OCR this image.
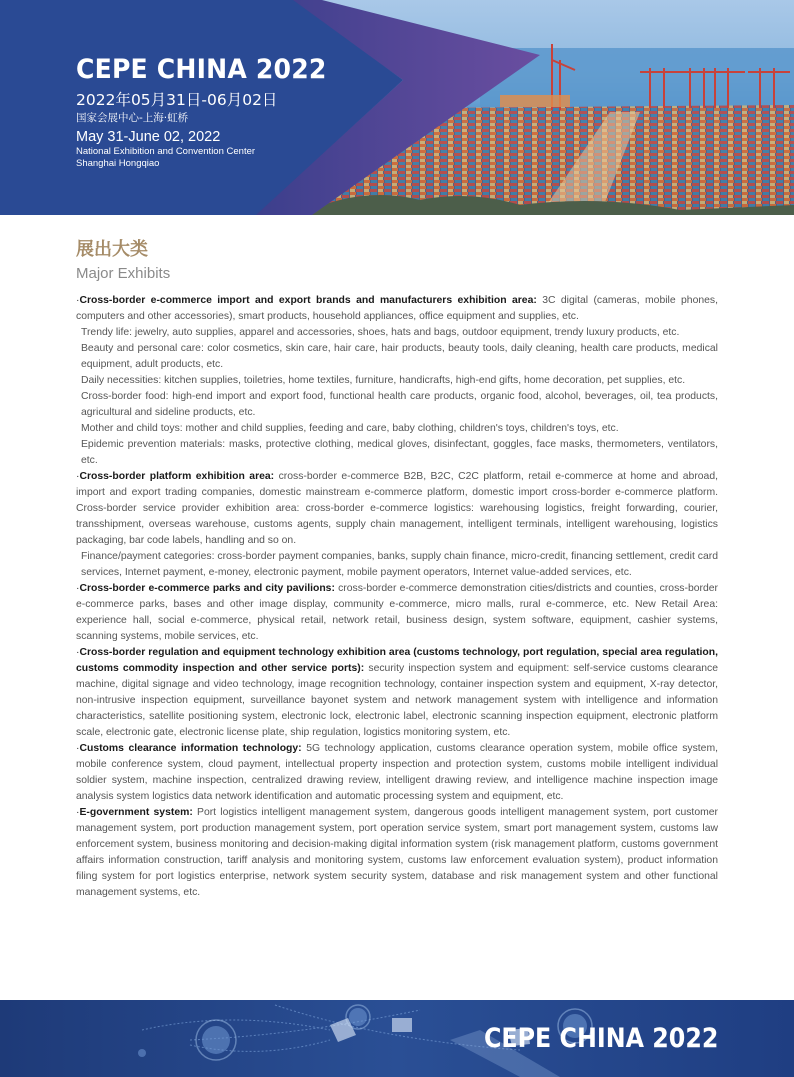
CEPE CHINA 2022
2022年05月31日-06月02日
国家会展中心-上海·虹桥
May 31-June 02, 2022
National Exhibition and Convention Center
Shanghai Hongqiao
展出大类
Major Exhibits
·Cross-border e-commerce import and export brands and manufacturers exhibition area: 3C digital (cameras, mobile phones, computers and other accessories), smart products, household appliances, office equipment and supplies, etc.
Trendy life: jewelry, auto supplies, apparel and accessories, shoes, hats and bags, outdoor equipment, trendy luxury products, etc.
Beauty and personal care: color cosmetics, skin care, hair care, hair products, beauty tools, daily cleaning, health care products, medical equipment, adult products, etc.
Daily necessities: kitchen supplies, toiletries, home textiles, furniture, handicrafts, high-end gifts, home decoration, pet supplies, etc.
Cross-border food: high-end import and export food, functional health care products, organic food, alcohol, beverages, oil, tea products, agricultural and sideline products, etc.
Mother and child toys: mother and child supplies, feeding and care, baby clothing, children's toys, children's toys, etc.
Epidemic prevention materials: masks, protective clothing, medical gloves, disinfectant, goggles, face masks, thermometers, ventilators, etc.
·Cross-border platform exhibition area: cross-border e-commerce B2B, B2C, C2C platform, retail e-commerce at home and abroad, import and export trading companies, domestic mainstream e-commerce platform, domestic import cross-border e-commerce platform. Cross-border service provider exhibition area: cross-border e-commerce logistics: warehousing logistics, freight forwarding, courier, transshipment, overseas warehouse, customs agents, supply chain management, intelligent terminals, intelligent warehousing, logistics packaging, bar code labels, handling and so on.
Finance/payment categories: cross-border payment companies, banks, supply chain finance, micro-credit, financing settlement, credit card services, Internet payment, e-money, electronic payment, mobile payment operators, Internet value-added services, etc.
·Cross-border e-commerce parks and city pavilions: cross-border e-commerce demonstration cities/districts and counties, cross-border e-commerce parks, bases and other image display, community e-commerce, micro malls, rural e-commerce, etc. New Retail Area: experience hall, social e-commerce, physical retail, network retail, business design, system software, equipment, cashier systems, scanning systems, mobile services, etc.
·Cross-border regulation and equipment technology exhibition area (customs technology, port regulation, special area regulation, customs commodity inspection and other service ports): security inspection system and equipment: self-service customs clearance machine, digital signage and video technology, image recognition technology, container inspection system and equipment, X-ray detector, non-intrusive inspection equipment, surveillance bayonet system and network management system with intelligence and information characteristics, satellite positioning system, electronic lock, electronic label, electronic scanning inspection equipment, electronic platform scale, electronic gate, electronic license plate, ship regulation, logistics monitoring system, etc.
·Customs clearance information technology: 5G technology application, customs clearance operation system, mobile office system, mobile conference system, cloud payment, intellectual property inspection and protection system, customs mobile intelligent individual soldier system, machine inspection, centralized drawing review, intelligent drawing review, and intelligence machine inspection image analysis system logistics data network identification and automatic processing system and equipment, etc.
·E-government system: Port logistics intelligent management system, dangerous goods intelligent management system, port customer management system, port production management system, port operation service system, smart port management system, customs law enforcement system, business monitoring and decision-making digital information system (risk management platform, customs government affairs information construction, tariff analysis and monitoring system, customs law enforcement evaluation system), product information filing system for port logistics enterprise, network system security system, database and risk management system and other functional management systems, etc.
CEPE CHINA 2022
